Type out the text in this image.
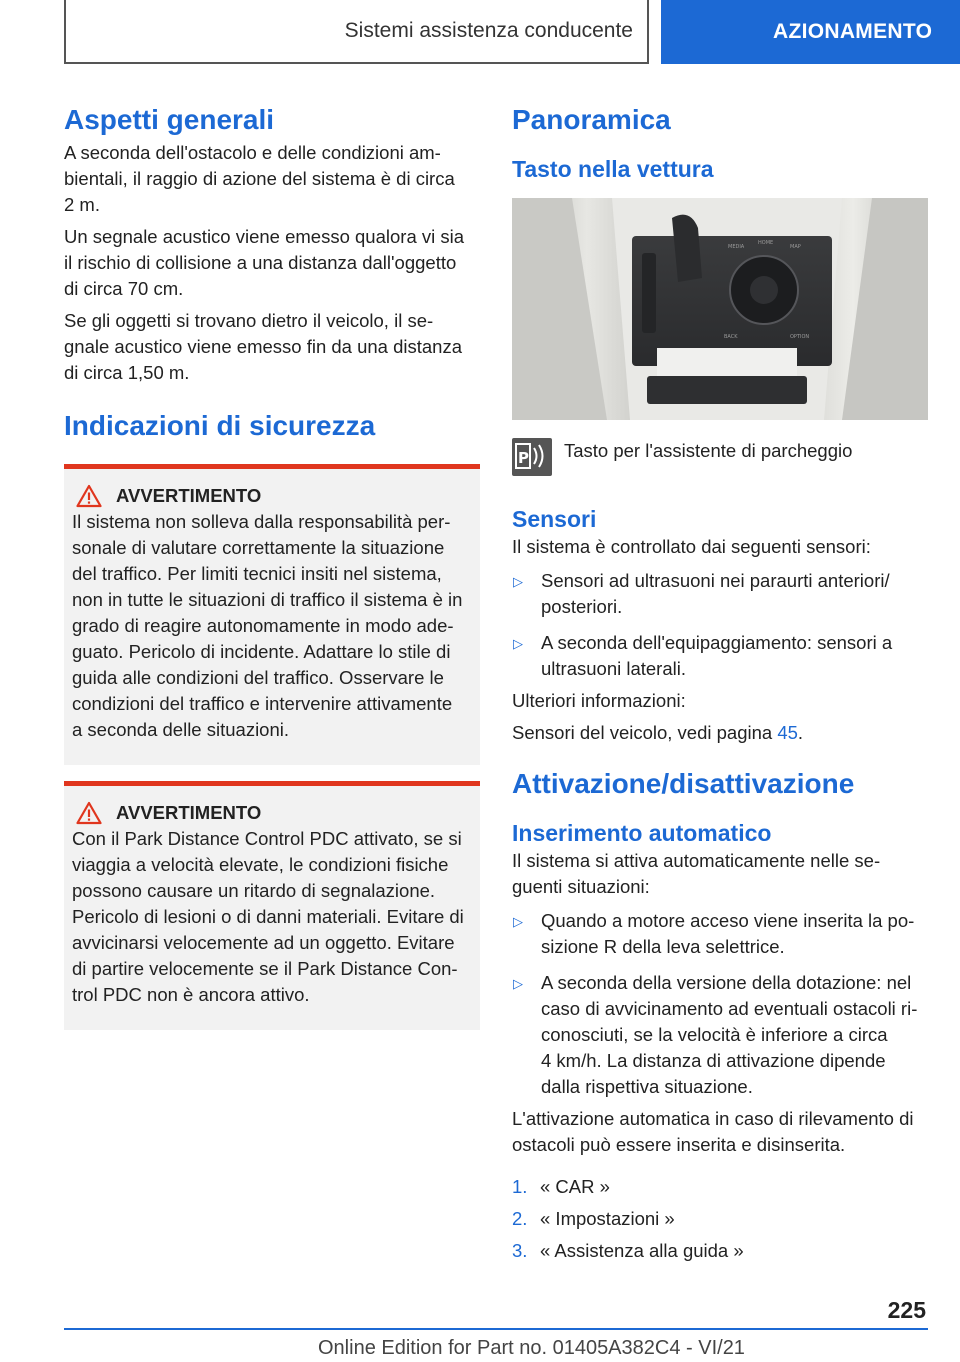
Sistemi assistenza conducente	AZIONAMENTO
Aspetti generali
A seconda dell'ostacolo e delle condizioni am-
bientali, il raggio di azione del sistema è di circa
2 m.
Un segnale acustico viene emesso qualora vi sia
il rischio di collisione a una distanza dall'oggetto
di circa 70 cm.
Se gli oggetti si trovano dietro il veicolo, il se-
gnale acustico viene emesso fin da una distanza
di circa 1,50 m.
Indicazioni di sicurezza
AVVERTIMENTO
Il sistema non solleva dalla responsabilità per-
sonale di valutare correttamente la situazione
del traffico. Per limiti tecnici insiti nel sistema,
non in tutte le situazioni di traffico il sistema è in
grado di reagire autonomamente in modo ade-
guato. Pericolo di incidente. Adattare lo stile di
guida alle condizioni del traffico. Osservare le
condizioni del traffico e intervenire attivamente
a seconda delle situazioni.
AVVERTIMENTO
Con il Park Distance Control PDC attivato, se si
viaggia a velocità elevate, le condizioni fisiche
possono causare un ritardo di segnalazione.
Pericolo di lesioni o di danni materiali. Evitare di
avvicinarsi velocemente ad un oggetto. Evitare
di partire velocemente se il Park Distance Con-
trol PDC non è ancora attivo.
Panoramica
Tasto nella vettura
MEDIA
HOME
MAP
BACK	OPTION
P Tasto per l'assistente di parcheggio
Sensori
Il sistema è controllato dai seguenti sensori:
▷ Sensori ad ultrasuoni nei paraurti anteriori/
posteriori.
▷ A seconda dell'equipaggiamento: sensori a
ultrasuoni laterali.
Ulteriori informazioni:
Sensori del veicolo, vedi pagina 45.
Attivazione/disattivazione
Inserimento automatico
Il sistema si attiva automaticamente nelle se-
guenti situazioni:
▷ Quando a motore acceso viene inserita la po-
sizione R della leva selettrice.
▷ A seconda della versione della dotazione: nel
caso di avvicinamento ad eventuali ostacoli ri-
conosciuti, se la velocità è inferiore a circa
4 km/h. La distanza di attivazione dipende
dalla rispettiva situazione.
L'attivazione automatica in caso di rilevamento di
ostacoli può essere inserita e disinserita.
1. « CAR »
2. « Impostazioni »
3. « Assistenza alla guida »
225
Online Edition for Part no. 01405A382C4 - VI/21
